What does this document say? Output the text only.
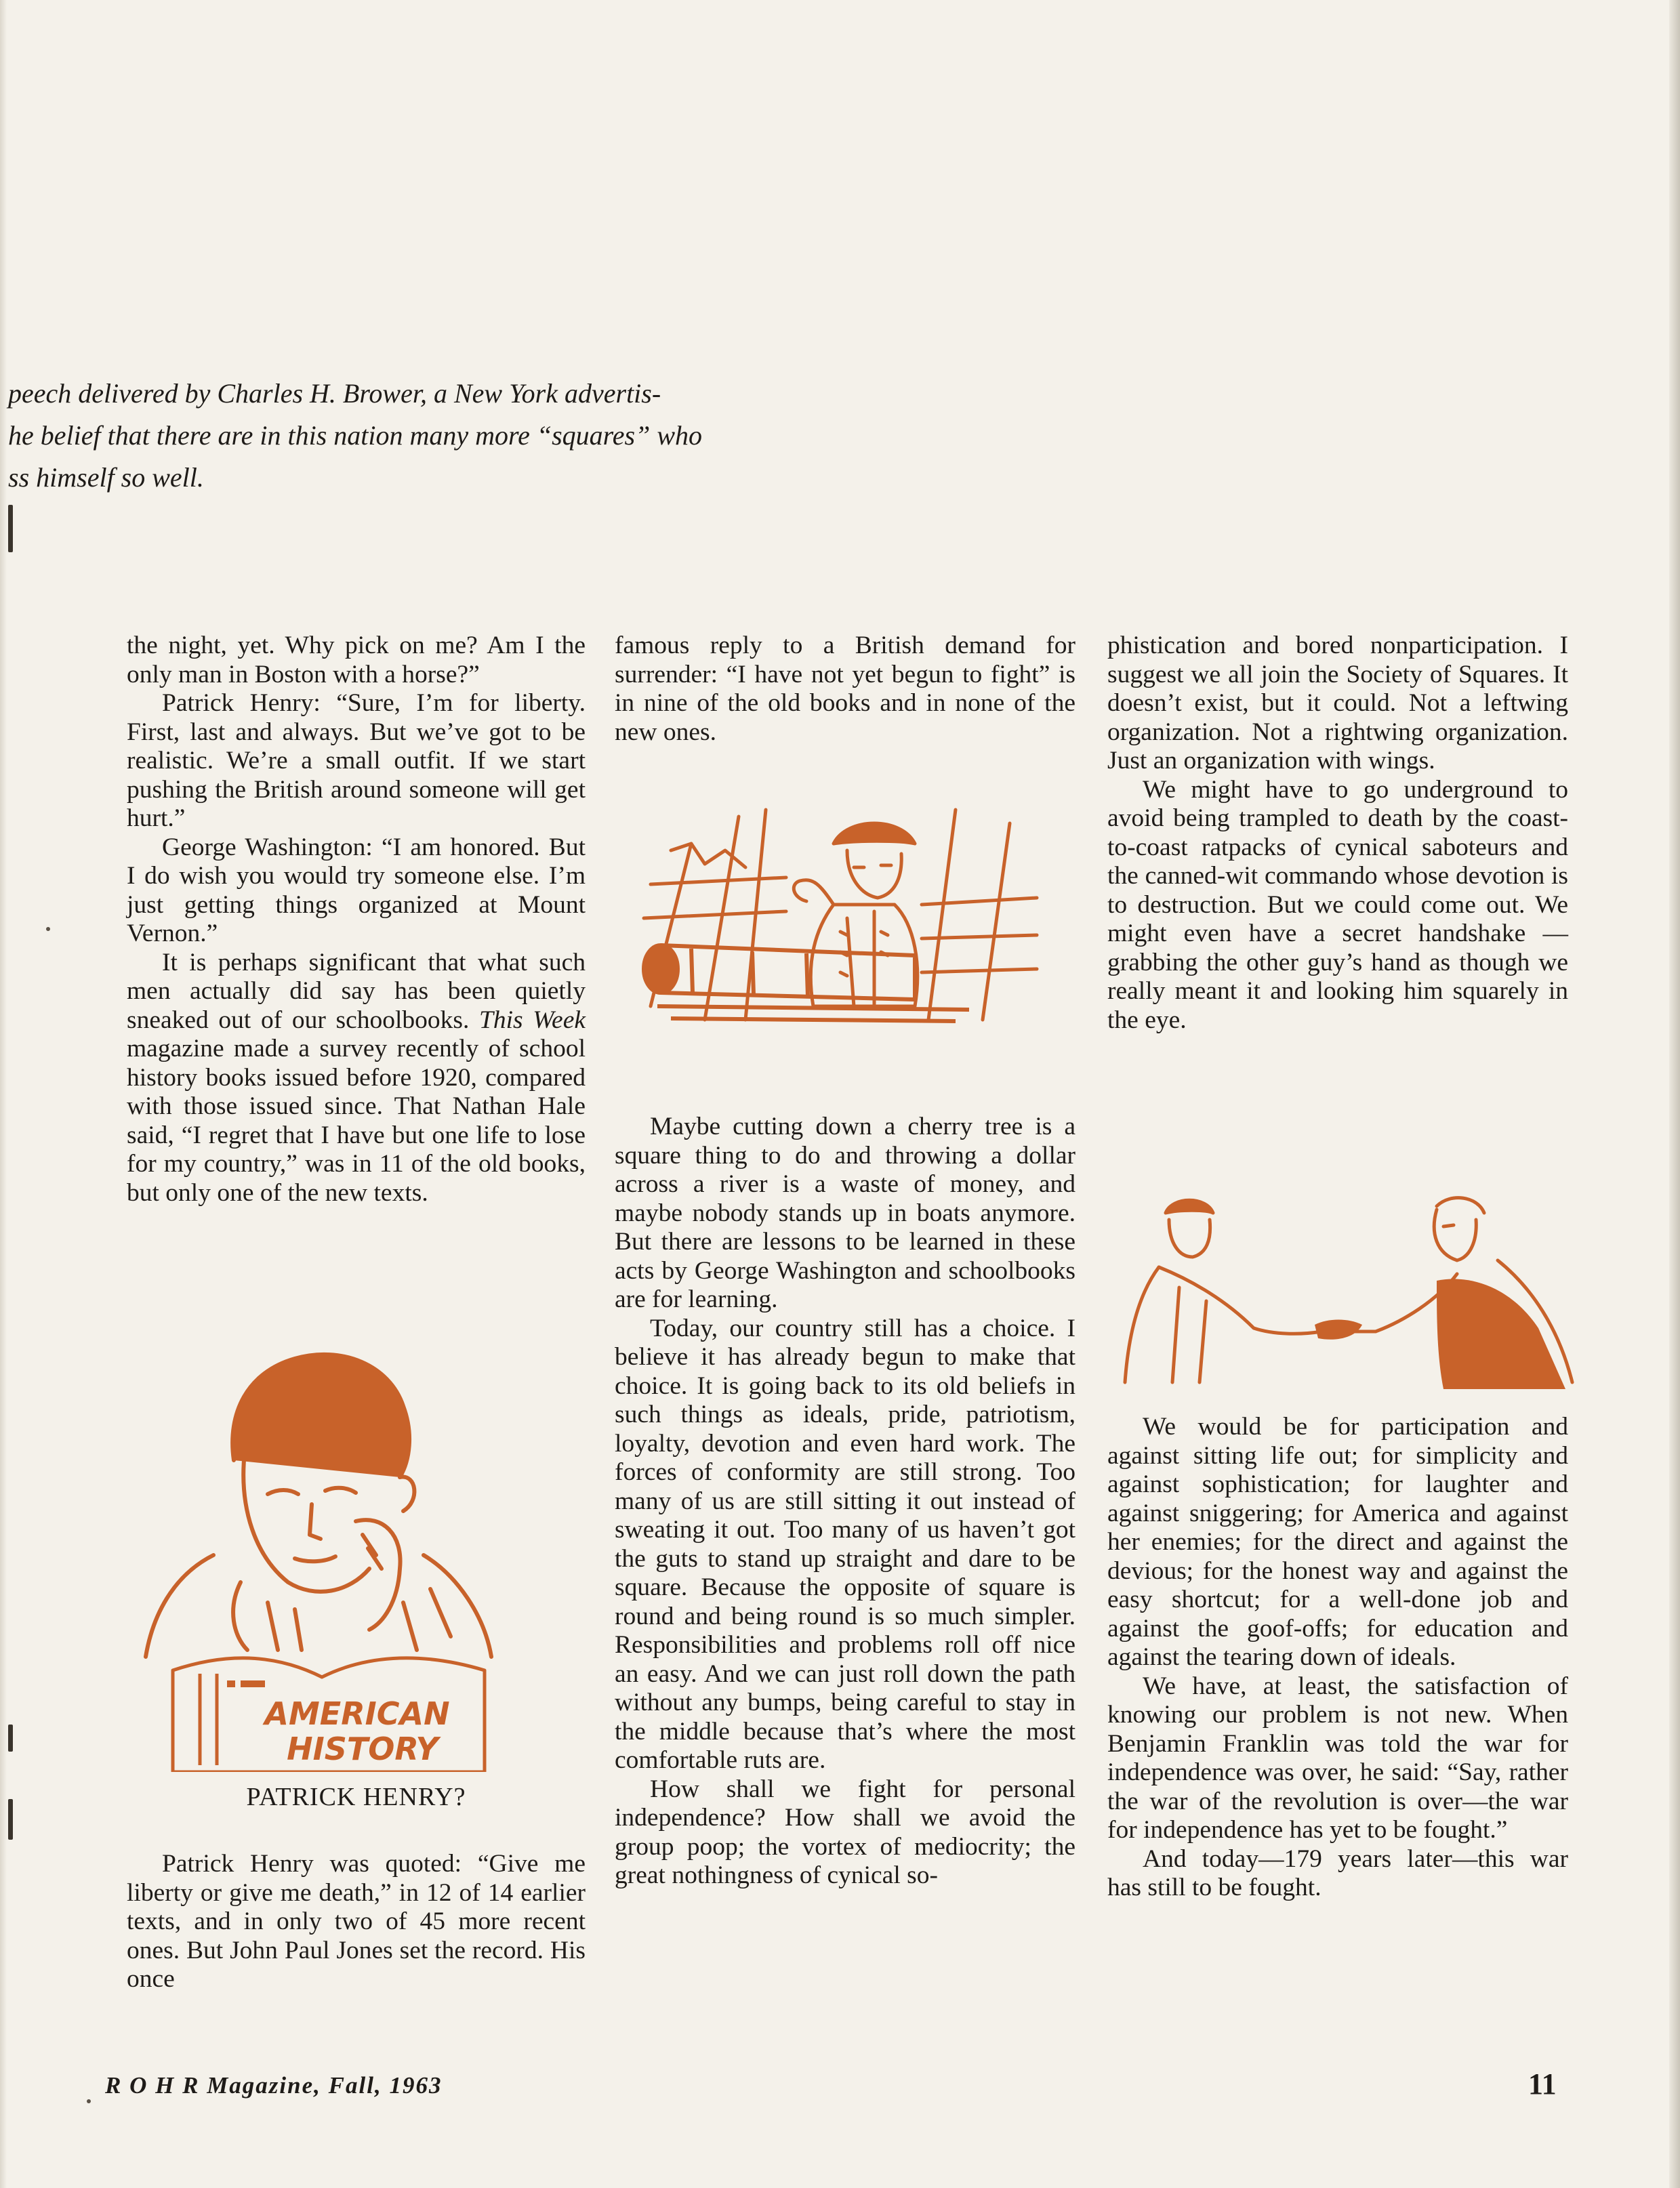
peech delivered by Charles H. Brower, a New York advertis-

he belief that there are in this nation many more “squares” who

ss himself so well.

the night, yet. Why pick on me? Am I the only man in Boston with a horse?”

Patrick Henry: “Sure, I’m for liberty. First, last and always. But we’ve got to be realistic. We’re a small outfit. If we start pushing the British around someone will get hurt.”

George Washington: “I am honored. But I do wish you would try someone else. I’m just getting things organized at Mount Vernon.”

It is perhaps significant that what such men actually did say has been quietly sneaked out of our schoolbooks. This Week magazine made a survey recently of school history books issued before 1920, compared with those issued since. That Nathan Hale said, “I regret that I have but one life to lose for my country,” was in 11 of the old books, but only one of the new texts.

AMERICAN
HISTORY
PATRICK HENRY?

Patrick Henry was quoted: “Give me liberty or give me death,” in 12 of 14 earlier texts, and in only two of 45 more recent ones. But John Paul Jones set the record. His once

famous reply to a British demand for surrender: “I have not yet begun to fight” is in nine of the old books and in none of the new ones.

Maybe cutting down a cherry tree is a square thing to do and throwing a dollar across a river is a waste of money, and maybe nobody stands up in boats anymore. But there are lessons to be learned in these acts by George Washington and schoolbooks are for learning.

Today, our country still has a choice. I believe it has already begun to make that choice. It is going back to its old beliefs in such things as ideals, pride, patriotism, loyalty, devotion and even hard work. The forces of conformity are still strong. Too many of us are still sitting it out instead of sweating it out. Too many of us haven’t got the guts to stand up straight and dare to be square. Because the opposite of square is round and being round is so much simpler. Responsibilities and problems roll off nice an easy. And we can just roll down the path without any bumps, being careful to stay in the middle because that’s where the most comfortable ruts are.

How shall we fight for personal independence? How shall we avoid the group poop; the vortex of mediocrity; the great nothingness of cynical so-

phistication and bored nonparticipation. I suggest we all join the Society of Squares. It doesn’t exist, but it could. Not a leftwing organization. Not a rightwing organization. Just an organization with wings.

We might have to go underground to avoid being trampled to death by the coast-to-coast ratpacks of cynical saboteurs and the canned-wit commando whose devotion is to destruction. But we could come out. We might even have a secret handshake —grabbing the other guy’s hand as though we really meant it and looking him squarely in the eye.

We would be for participation and against sitting life out; for simplicity and against sophistication; for laughter and against sniggering; for America and against her enemies; for the direct and against the devious; for the honest way and against the easy shortcut; for a well-done job and against the goof-offs; for education and against the tearing down of ideals.

We have, at least, the satisfaction of knowing our problem is not new. When Benjamin Franklin was told the war for independence was over, he said: “Say, rather the war of the revolution is over—the war for independence has yet to be fought.”

And today—179 years later—this war has still to be fought.

R O H R Magazine, Fall, 1963	11
